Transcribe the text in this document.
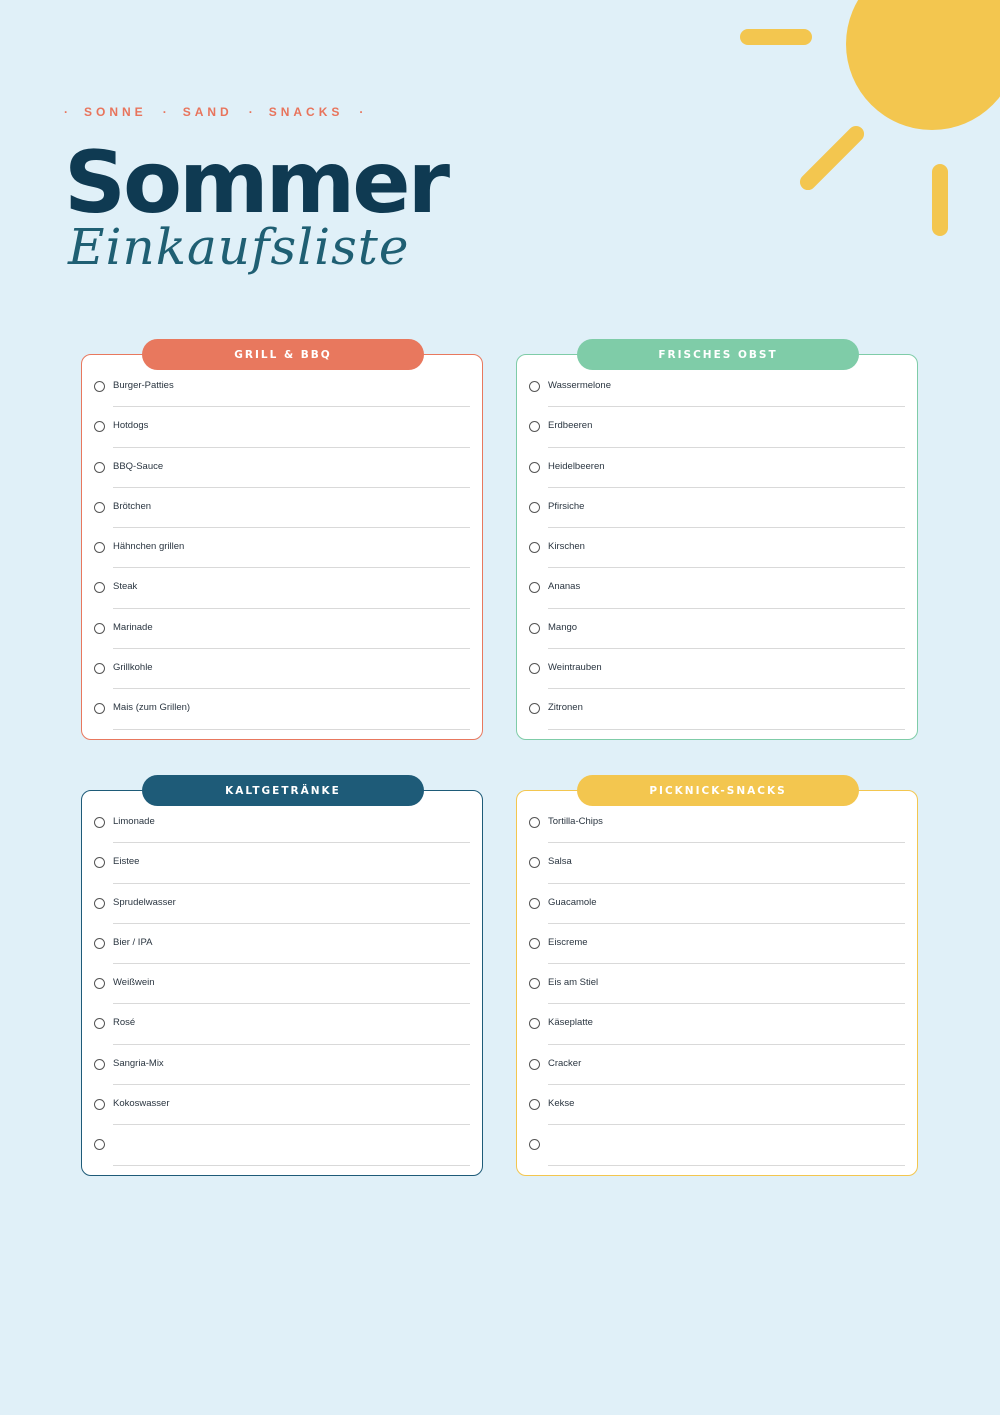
· SONNE · SAND · SNACKS ·
Sommer
Einkaufsliste
GRILL & BBQ
Burger-Patties
Hotdogs
BBQ-Sauce
Brötchen
Hähnchen grillen
Steak
Marinade
Grillkohle
Mais (zum Grillen)
FRISCHES OBST
Wassermelone
Erdbeeren
Heidelbeeren
Pfirsiche
Kirschen
Ananas
Mango
Weintrauben
Zitronen
KALTGETRÄNKE
Limonade
Eistee
Sprudelwasser
Bier / IPA
Weißwein
Rosé
Sangria-Mix
Kokoswasser
PICKNICK-SNACKS
Tortilla-Chips
Salsa
Guacamole
Eiscreme
Eis am Stiel
Käseplatte
Cracker
Kekse
